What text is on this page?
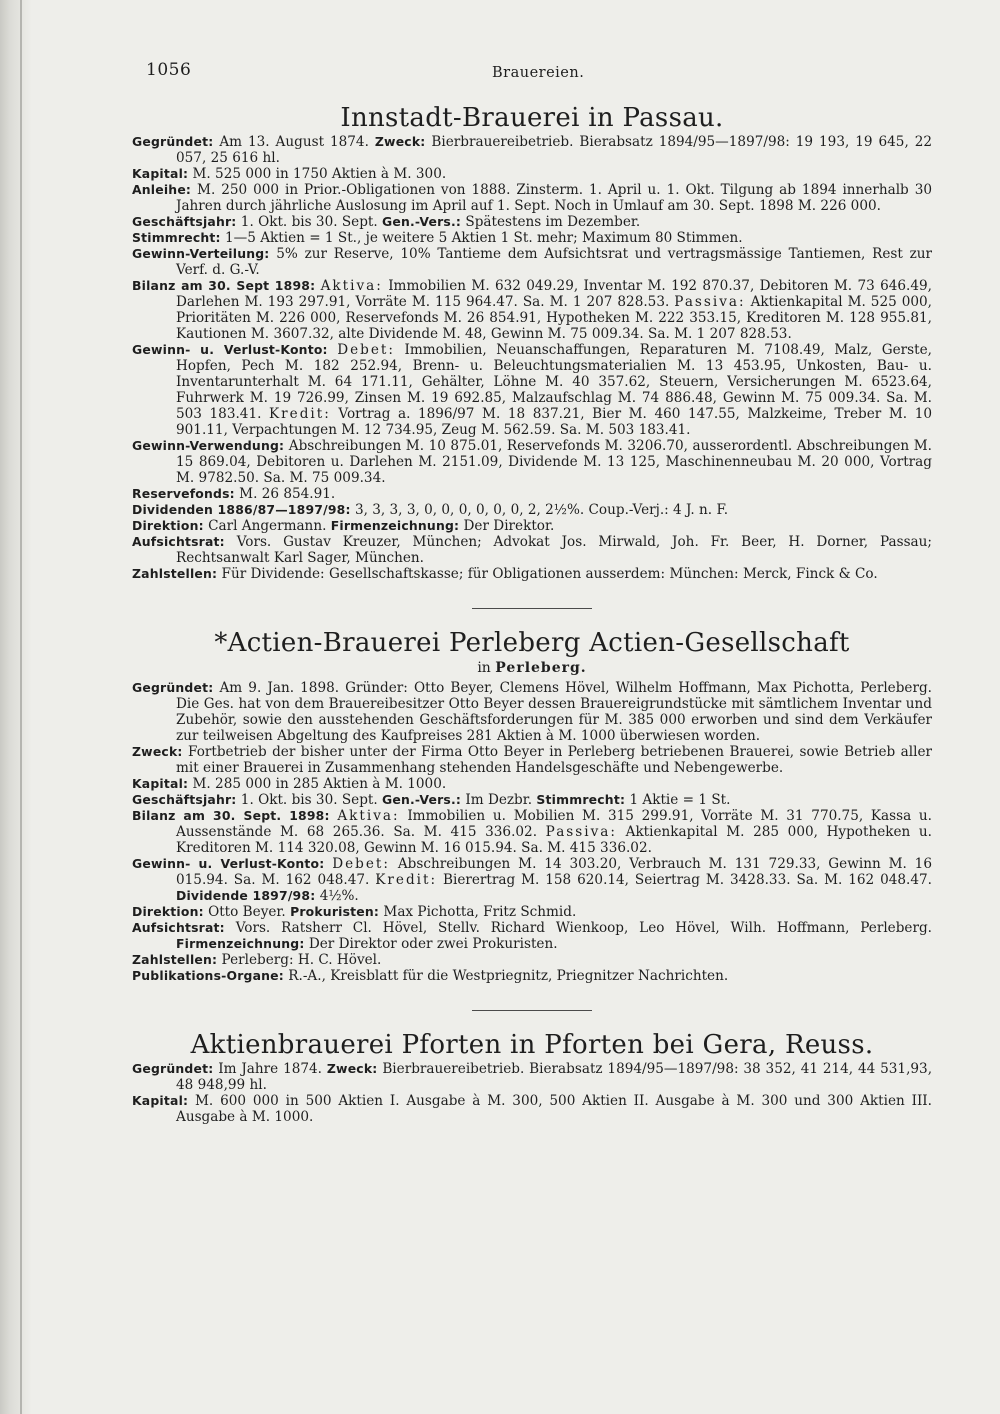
1056	Brauereien.
Innstadt-Brauerei in Passau.

Gegründet: Am 13. August 1874. Zweck: Bierbrauereibetrieb. Bierabsatz 1894/95—1897/98: 19 193, 19 645, 22 057, 25 616 hl.

Kapital: M. 525 000 in 1750 Aktien à M. 300.

Anleihe: M. 250 000 in Prior.-Obligationen von 1888. Zinsterm. 1. April u. 1. Okt. Tilgung ab 1894 innerhalb 30 Jahren durch jährliche Auslosung im April auf 1. Sept. Noch in Umlauf am 30. Sept. 1898 M. 226 000.

Geschäftsjahr: 1. Okt. bis 30. Sept. Gen.-Vers.: Spätestens im Dezember.

Stimmrecht: 1—5 Aktien = 1 St., je weitere 5 Aktien 1 St. mehr; Maximum 80 Stimmen.

Gewinn-Verteilung: 5% zur Reserve, 10% Tantieme dem Aufsichtsrat und vertragsmässige Tantiemen, Rest zur Verf. d. G.-V.

Bilanz am 30. Sept 1898: Aktiva: Immobilien M. 632 049.29, Inventar M. 192 870.37, Debitoren M. 73 646.49, Darlehen M. 193 297.91, Vorräte M. 115 964.47. Sa. M. 1 207 828.53. Passiva: Aktienkapital M. 525 000, Prioritäten M. 226 000, Reservefonds M. 26 854.91, Hypotheken M. 222 353.15, Kreditoren M. 128 955.81, Kautionen M. 3607.32, alte Dividende M. 48, Gewinn M. 75 009.34. Sa. M. 1 207 828.53.

Gewinn- u. Verlust-Konto: Debet: Immobilien, Neuanschaffungen, Reparaturen M. 7108.49, Malz, Gerste, Hopfen, Pech M. 182 252.94, Brenn- u. Beleuchtungsmaterialien M. 13 453.95, Unkosten, Bau- u. Inventarunterhalt M. 64 171.11, Gehälter, Löhne M. 40 357.62, Steuern, Versicherungen M. 6523.64, Fuhrwerk M. 19 726.99, Zinsen M. 19 692.85, Malzaufschlag M. 74 886.48, Gewinn M. 75 009.34. Sa. M. 503 183.41. Kredit: Vortrag a. 1896/97 M. 18 837.21, Bier M. 460 147.55, Malzkeime, Treber M. 10 901.11, Verpachtungen M. 12 734.95, Zeug M. 562.59. Sa. M. 503 183.41.

Gewinn-Verwendung: Abschreibungen M. 10 875.01, Reservefonds M. 3206.70, ausserordentl. Abschreibungen M. 15 869.04, Debitoren u. Darlehen M. 2151.09, Dividende M. 13 125, Maschinenneubau M. 20 000, Vortrag M. 9782.50. Sa. M. 75 009.34.

Reservefonds: M. 26 854.91.

Dividenden 1886/87—1897/98: 3, 3, 3, 3, 0, 0, 0, 0, 0, 0, 2, 2½%. Coup.-Verj.: 4 J. n. F.

Direktion: Carl Angermann. Firmenzeichnung: Der Direktor.

Aufsichtsrat: Vors. Gustav Kreuzer, München; Advokat Jos. Mirwald, Joh. Fr. Beer, H. Dorner, Passau; Rechtsanwalt Karl Sager, München.

Zahlstellen: Für Dividende: Gesellschaftskasse; für Obligationen ausserdem: München: Merck, Finck & Co.

*Actien-Brauerei Perleberg Actien-Gesellschaft

in Perleberg.

Gegründet: Am 9. Jan. 1898. Gründer: Otto Beyer, Clemens Hövel, Wilhelm Hoffmann, Max Pichotta, Perleberg. Die Ges. hat von dem Brauereibesitzer Otto Beyer dessen Brauereigrundstücke mit sämtlichem Inventar und Zubehör, sowie den ausstehenden Geschäftsforderungen für M. 385 000 erworben und sind dem Verkäufer zur teilweisen Abgeltung des Kaufpreises 281 Aktien à M. 1000 überwiesen worden.

Zweck: Fortbetrieb der bisher unter der Firma Otto Beyer in Perleberg betriebenen Brauerei, sowie Betrieb aller mit einer Brauerei in Zusammenhang stehenden Handelsgeschäfte und Nebengewerbe.

Kapital: M. 285 000 in 285 Aktien à M. 1000.

Geschäftsjahr: 1. Okt. bis 30. Sept. Gen.-Vers.: Im Dezbr. Stimmrecht: 1 Aktie = 1 St.

Bilanz am 30. Sept. 1898: Aktiva: Immobilien u. Mobilien M. 315 299.91, Vorräte M. 31 770.75, Kassa u. Aussenstände M. 68 265.36. Sa. M. 415 336.02. Passiva: Aktienkapital M. 285 000, Hypotheken u. Kreditoren M. 114 320.08, Gewinn M. 16 015.94. Sa. M. 415 336.02.

Gewinn- u. Verlust-Konto: Debet: Abschreibungen M. 14 303.20, Verbrauch M. 131 729.33, Gewinn M. 16 015.94. Sa. M. 162 048.47. Kredit: Bierertrag M. 158 620.14, Seiertrag M. 3428.33. Sa. M. 162 048.47. Dividende 1897/98: 4½%.

Direktion: Otto Beyer. Prokuristen: Max Pichotta, Fritz Schmid.

Aufsichtsrat: Vors. Ratsherr Cl. Hövel, Stellv. Richard Wienkoop, Leo Hövel, Wilh. Hoffmann, Perleberg. Firmenzeichnung: Der Direktor oder zwei Prokuristen.

Zahlstellen: Perleberg: H. C. Hövel.

Publikations-Organe: R.-A., Kreisblatt für die Westpriegnitz, Priegnitzer Nachrichten.

Aktienbrauerei Pforten in Pforten bei Gera, Reuss.

Gegründet: Im Jahre 1874. Zweck: Bierbrauereibetrieb. Bierabsatz 1894/95—1897/98: 38 352, 41 214, 44 531,93, 48 948,99 hl.

Kapital: M. 600 000 in 500 Aktien I. Ausgabe à M. 300, 500 Aktien II. Ausgabe à M. 300 und 300 Aktien III. Ausgabe à M. 1000.
